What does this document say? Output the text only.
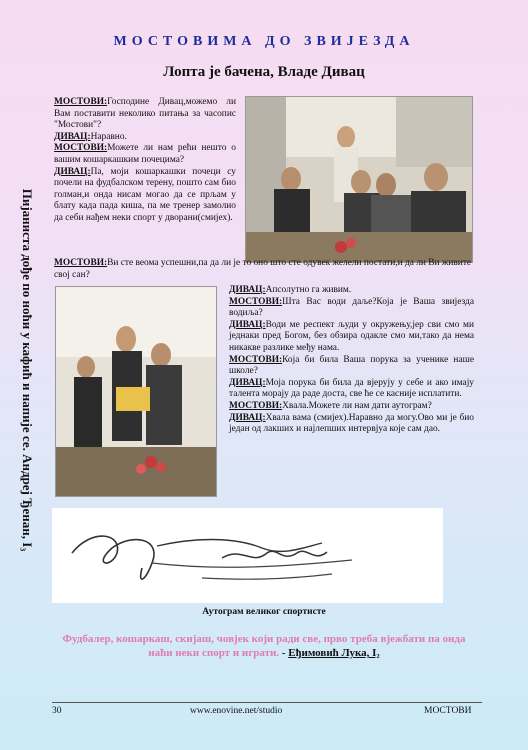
МОСТОВИМА ДО ЗВИЈЕЗДА
Лопта је бачена, Владе Дивац
Пијаниста дође по ноћи у кафић и напије се. Андреј Ђенан, I₃

МОСТОВИ:Господине Дивац,можемо ли Вам поставити неколико питања за часопис "Мостови"?

ДИВАЦ:Наравно.

МОСТОВИ:Можете ли нам рећи нешто о вашим кошаркашким почецима?

ДИВАЦ:Па, моји кошаркашки почеци су почели на фудбалском терену, пошто сам био голман,и онда нисам могао да се прљам у блату када пада киша, па ме тренер замолио да себи нађем неки спорт у дворани(смијех).

МОСТОВИ:Ви сте веома успешни,па да ли је то оно што сте одувек желели постати,и да ли Ви живите свој сан?

ДИВАЦ:Апсолутно га живим.

МОСТОВИ:Шта Вас води даље?Која је Ваша звијезда водиља?

ДИВАЦ:Води ме респект људи у окружењу,јер сви смо ми једнаки пред Богом, без обзира одакле смо ми,тако да нема никакве разлике међу нама.

МОСТОВИ:Која би била Ваша порука за ученике наше школе?

ДИВАЦ:Моја порука би била да вјерују у себе и ако имају талента морају да раде доста, све ће се касније исплатити.

МОСТОВИ:Хвала.Можете ли нам дати аутограм?

ДИВАЦ:Хвала вама (смијех).Наравно да могу.Ово ми је био један од лакших и најлепших интервјуа које сам дао.

Аутограм великог спортисте
Фудбалер, кошаркаш, скијаш, човјек који ради све, прво треба вјежбати па онда наћи неки спорт и играти. - Еђимовић Лука, I₂
30	www.enovine.net/studio	МОСТОВИ
